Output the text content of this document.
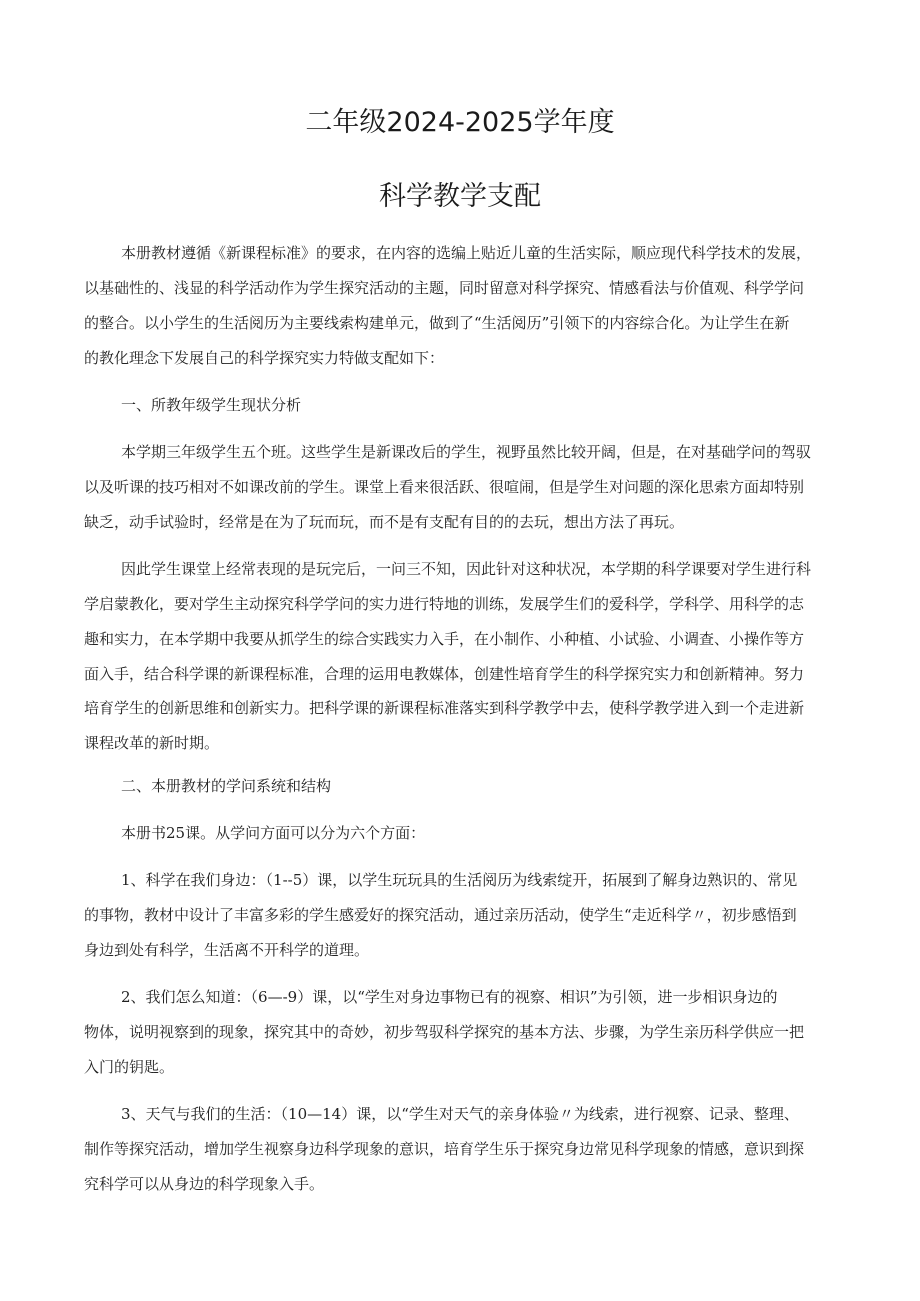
二年级2024-2025学年度
科学教学支配
本册教材遵循《新课程标准》的要求，在内容的选编上贴近儿童的生活实际，顺应现代科学技术的发展，
以基础性的、浅显的科学活动作为学生探究活动的主题，同时留意对科学探究、情感看法与价值观、科学学问
的整合。以小学生的生活阅历为主要线索构建单元，做到了“生活阅历”引领下的内容综合化。为让学生在新
的教化理念下发展自己的科学探究实力特做支配如下：
一、所教年级学生现状分析
本学期三年级学生五个班。这些学生是新课改后的学生，视野虽然比较开阔，但是，在对基础学问的驾驭
以及听课的技巧相对不如课改前的学生。课堂上看来很活跃、很喧闹，但是学生对问题的深化思索方面却特别
缺乏，动手试验时，经常是在为了玩而玩，而不是有支配有目的的去玩，想出方法了再玩。
因此学生课堂上经常表现的是玩完后，一问三不知，因此针对这种状况，本学期的科学课要对学生进行科
学启蒙教化，要对学生主动探究科学学问的实力进行特地的训练，发展学生们的爱科学，学科学、用科学的志
趣和实力，在本学期中我要从抓学生的综合实践实力入手，在小制作、小种植、小试验、小调查、小操作等方
面入手，结合科学课的新课程标准，合理的运用电教媒体，创建性培育学生的科学探究实力和创新精神。努力
培育学生的创新思维和创新实力。把科学课的新课程标准落实到科学教学中去，使科学教学进入到一个走进新
课程改革的新时期。
二、本册教材的学问系统和结构
本册书25课。从学问方面可以分为六个方面：
1、科学在我们身边：（1--5）课，以学生玩玩具的生活阅历为线索绽开，拓展到了解身边熟识的、常见
的事物，教材中设计了丰富多彩的学生感爱好的探究活动，通过亲历活动，使学生“走近科学〃，初步感悟到
身边到处有科学，生活离不开科学的道理。
2、我们怎么知道：（6—-9）课，以“学生对身边事物已有的视察、相识”为引领，进一步相识身边的
物体，说明视察到的现象，探究其中的奇妙，初步驾驭科学探究的基本方法、步骤，为学生亲历科学供应一把
入门的钥匙。
3、天气与我们的生活：（10—14）课，以“学生对天气的亲身体验〃为线索，进行视察、记录、整理、
制作等探究活动，增加学生视察身边科学现象的意识，培育学生乐于探究身边常见科学现象的情感，意识到探
究科学可以从身边的科学现象入手。
